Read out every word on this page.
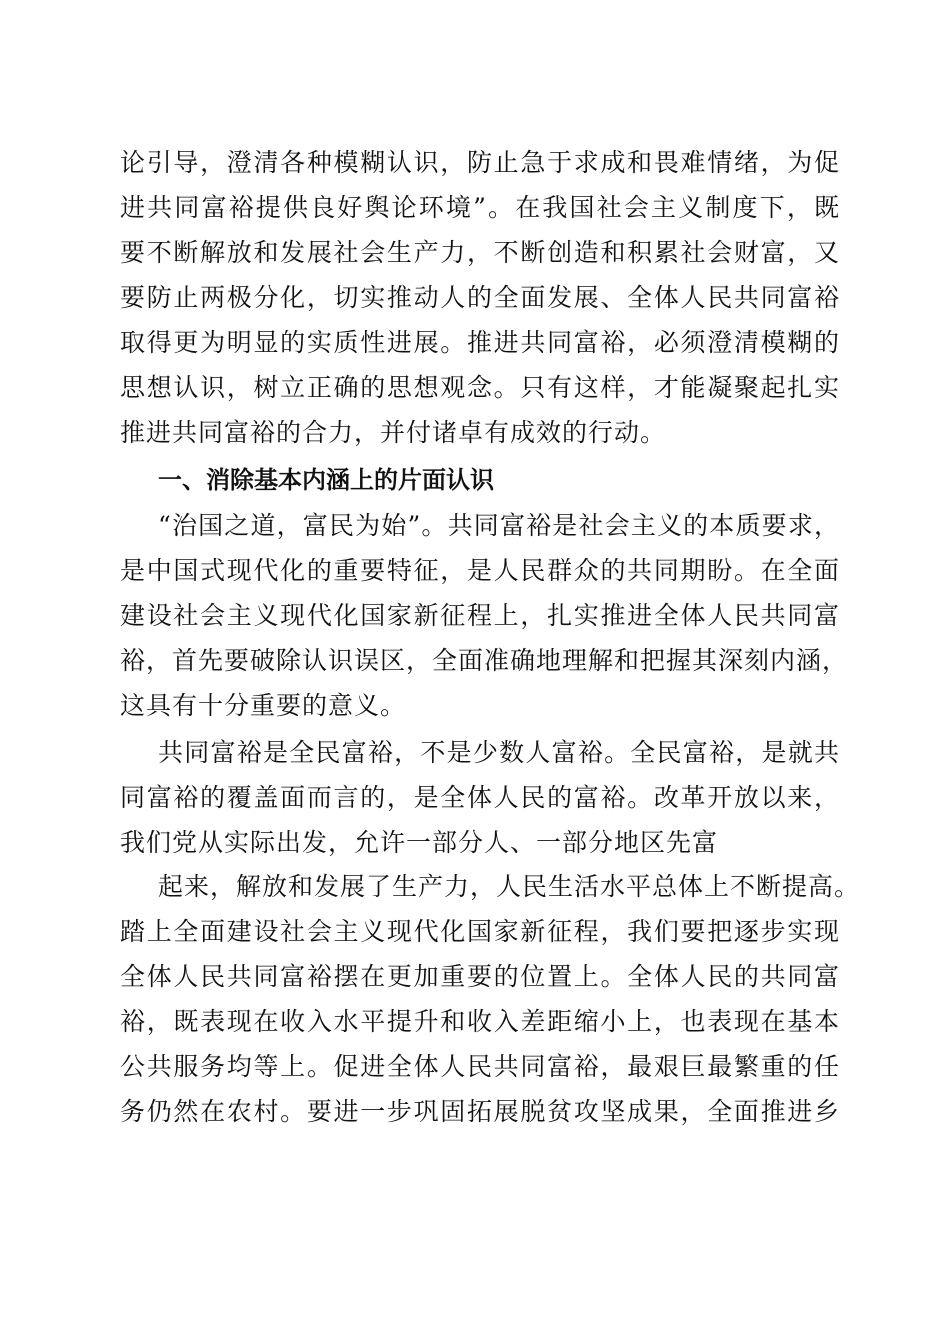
论引导，澄清各种模糊认识，防止急于求成和畏难情绪，为促
进共同富裕提供良好舆论环境”。在我国社会主义制度下，既
要不断解放和发展社会生产力，不断创造和积累社会财富，又
要防止两极分化，切实推动人的全面发展、全体人民共同富裕
取得更为明显的实质性进展。推进共同富裕，必须澄清模糊的
思想认识，树立正确的思想观念。只有这样，才能凝聚起扎实
推进共同富裕的合力，并付诸卓有成效的行动。
一、消除基本内涵上的片面认识
“治国之道，富民为始”。共同富裕是社会主义的本质要求，
是中国式现代化的重要特征，是人民群众的共同期盼。在全面
建设社会主义现代化国家新征程上，扎实推进全体人民共同富
裕，首先要破除认识误区，全面准确地理解和把握其深刻内涵，
这具有十分重要的意义。
共同富裕是全民富裕，不是少数人富裕。全民富裕，是就共
同富裕的覆盖面而言的，是全体人民的富裕。改革开放以来，
我们党从实际出发，允许一部分人、一部分地区先富
起来，解放和发展了生产力，人民生活水平总体上不断提高。
踏上全面建设社会主义现代化国家新征程，我们要把逐步实现
全体人民共同富裕摆在更加重要的位置上。全体人民的共同富
裕，既表现在收入水平提升和收入差距缩小上，也表现在基本
公共服务均等上。促进全体人民共同富裕，最艰巨最繁重的任
务仍然在农村。要进一步巩固拓展脱贫攻坚成果，全面推进乡
